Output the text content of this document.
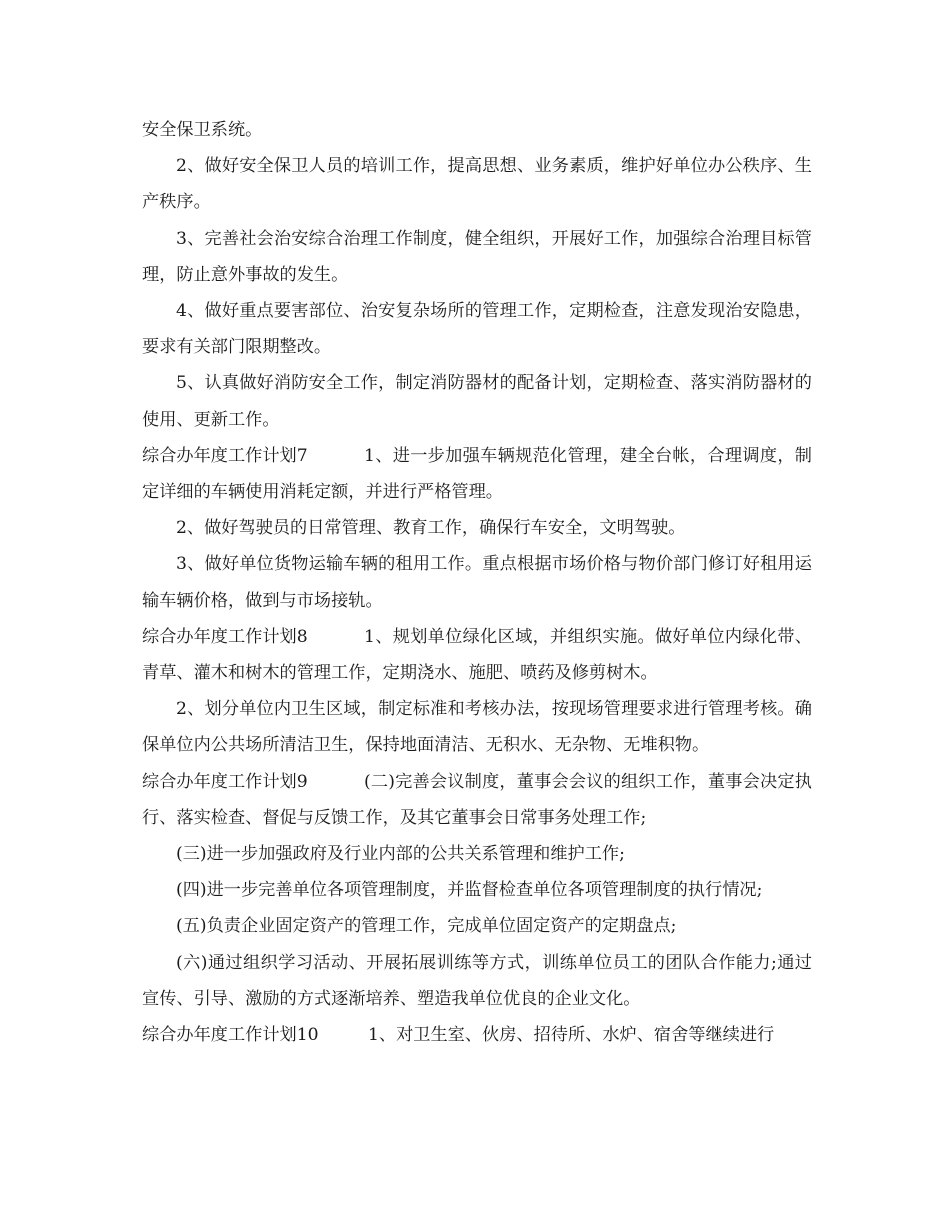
安全保卫系统。

2、做好安全保卫人员的培训工作，提高思想、业务素质，维护好单位办公秩序、生产秩序。

3、完善社会治安综合治理工作制度，健全组织，开展好工作，加强综合治理目标管理，防止意外事故的发生。

4、做好重点要害部位、治安复杂场所的管理工作，定期检查，注意发现治安隐患，要求有关部门限期整改。

5、认真做好消防安全工作，制定消防器材的配备计划，定期检查、落实消防器材的使用、更新工作。

综合办年度工作计划7	1、进一步加强车辆规范化管理，建全台帐，合理调度，制定详细的车辆使用消耗定额，并进行严格管理。

2、做好驾驶员的日常管理、教育工作，确保行车安全，文明驾驶。

3、做好单位货物运输车辆的租用工作。重点根据市场价格与物价部门修订好租用运输车辆价格，做到与市场接轨。

综合办年度工作计划8	1、规划单位绿化区域，并组织实施。做好单位内绿化带、青草、灌木和树木的管理工作，定期浇水、施肥、喷药及修剪树木。

2、划分单位内卫生区域，制定标准和考核办法，按现场管理要求进行管理考核。确保单位内公共场所清洁卫生，保持地面清洁、无积水、无杂物、无堆积物。

综合办年度工作计划9	(二)完善会议制度，董事会会议的组织工作，董事会决定执行、落实检查、督促与反馈工作，及其它董事会日常事务处理工作;

(三)进一步加强政府及行业内部的公共关系管理和维护工作;

(四)进一步完善单位各项管理制度，并监督检查单位各项管理制度的执行情况;

(五)负责企业固定资产的管理工作，完成单位固定资产的定期盘点;

(六)通过组织学习活动、开展拓展训练等方式，训练单位员工的团队合作能力;通过宣传、引导、激励的方式逐渐培养、塑造我单位优良的企业文化。

综合办年度工作计划10	1、对卫生室、伙房、招待所、水炉、宿舍等继续进行
